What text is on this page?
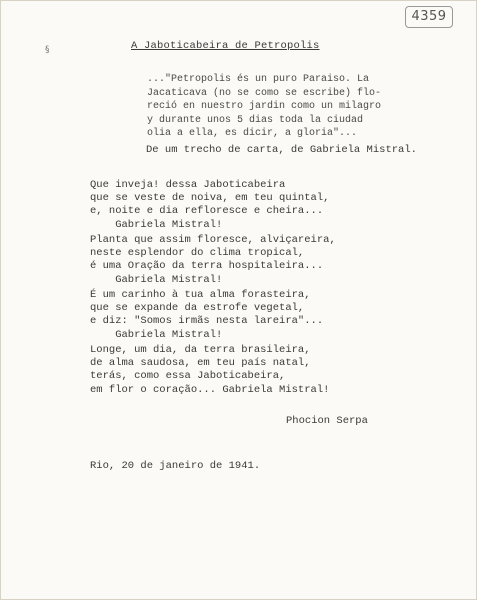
4359
§	A Jaboticabeira de Petropolis
..."Petropolis és un puro Paraiso. La
Jacaticava (no se como se escribe) flo-
reció en nuestro jardin como un milagro
y durante unos 5 dias toda la ciudad
olia a ella, es dicir, a gloria"...
De um trecho de carta, de Gabriela Mistral.
Que inveja! dessa Jaboticabeira
que se veste de noiva, em teu quintal,
e, noite e dia refloresce e cheira...
Gabriela Mistral!
Planta que assim floresce, alviçareira,
neste esplendor do clima tropical,
é uma Oração da terra hospitaleira...
Gabriela Mistral!
É um carinho à tua alma forasteira,
que se expande da estrofe vegetal,
e diz: "Somos irmãs nesta lareira"...
Gabriela Mistral!
Longe, um dia, da terra brasileira,
de alma saudosa, em teu país natal,
terás, como essa Jaboticabeira,
em flor o coração... Gabriela Mistral!
Phocion Serpa
Rio, 20 de janeiro de 1941.
